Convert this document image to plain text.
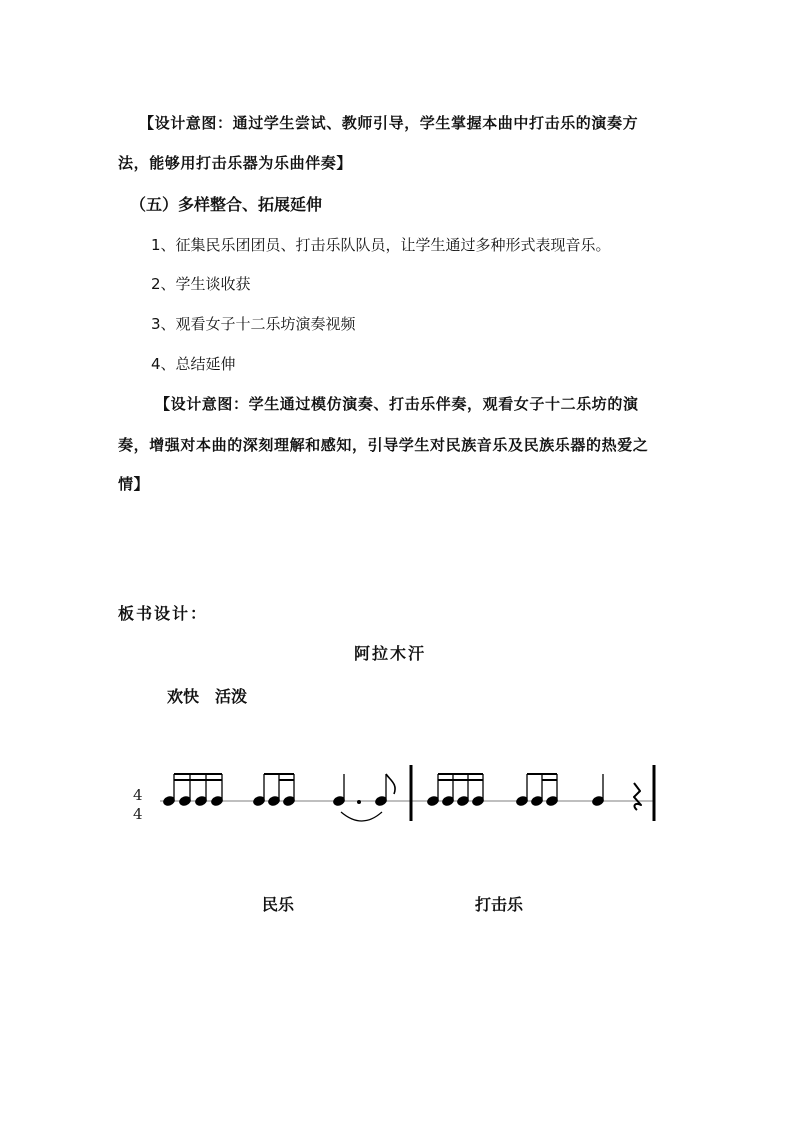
【设计意图：通过学生尝试、教师引导，学生掌握本曲中打击乐的演奏方
法，能够用打击乐器为乐曲伴奏】
（五）多样整合、拓展延伸
1、征集民乐团团员、打击乐队队员，让学生通过多种形式表现音乐。
2、学生谈收获
3、观看女子十二乐坊演奏视频
4、总结延伸
【设计意图：学生通过模仿演奏、打击乐伴奏，观看女子十二乐坊的演
奏，增强对本曲的深刻理解和感知，引导学生对民族音乐及民族乐器的热爱之
情】
板书设计：
阿拉木汗
欢快　活泼
4
4
民乐	打击乐
